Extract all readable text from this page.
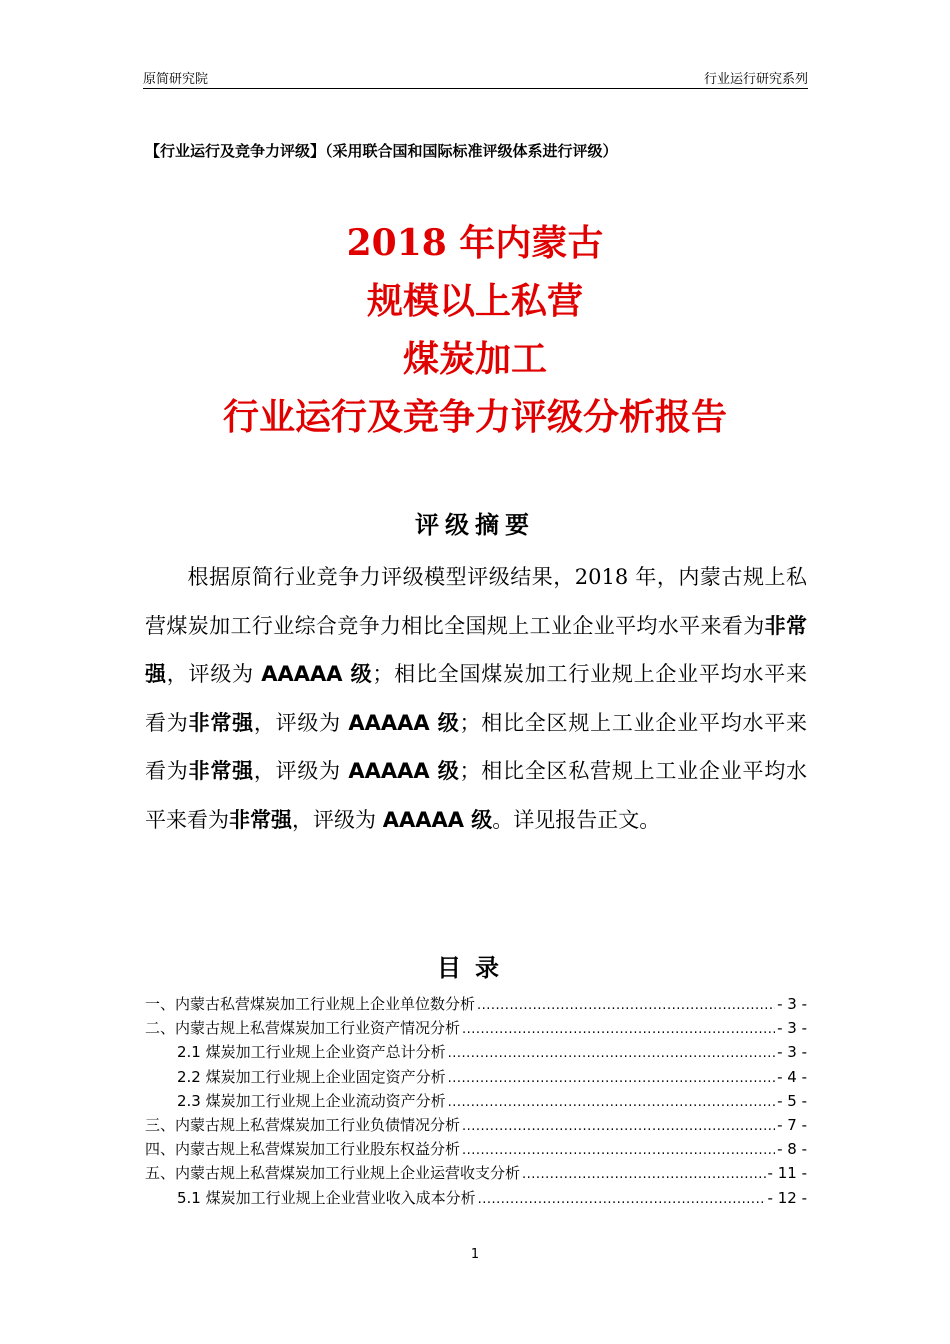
原简研究院	行业运行研究系列
【行业运行及竞争力评级】（采用联合国和国际标准评级体系进行评级）
2018 年内蒙古
规模以上私营
煤炭加工
行业运行及竞争力评级分析报告
评级摘要
根据原简行业竞争力评级模型评级结果，2018 年，内蒙古规上私营煤炭加工行业综合竞争力相比全国规上工业企业平均水平来看为非常强，评级为 AAAAA 级；相比全国煤炭加工行业规上企业平均水平来看为非常强，评级为 AAAAA 级；相比全区规上工业企业平均水平来看为非常强，评级为 AAAAA 级；相比全区私营规上工业企业平均水平来看为非常强，评级为 AAAAA 级。详见报告正文。
目录
一、内蒙古私营煤炭加工行业规上企业单位数分析 .....	- 3 -
二、内蒙古规上私营煤炭加工行业资产情况分析 .....	- 3 -
2.1 煤炭加工行业规上企业资产总计分析 .....	- 3 -
2.2 煤炭加工行业规上企业固定资产分析 .....	- 4 -
2.3 煤炭加工行业规上企业流动资产分析 .....	- 5 -
三、内蒙古规上私营煤炭加工行业负债情况分析 .....	- 7 -
四、内蒙古规上私营煤炭加工行业股东权益分析 .....	- 8 -
五、内蒙古规上私营煤炭加工行业规上企业运营收支分析 .....	- 11 -
5.1 煤炭加工行业规上企业营业收入成本分析 .....	- 12 -
1
